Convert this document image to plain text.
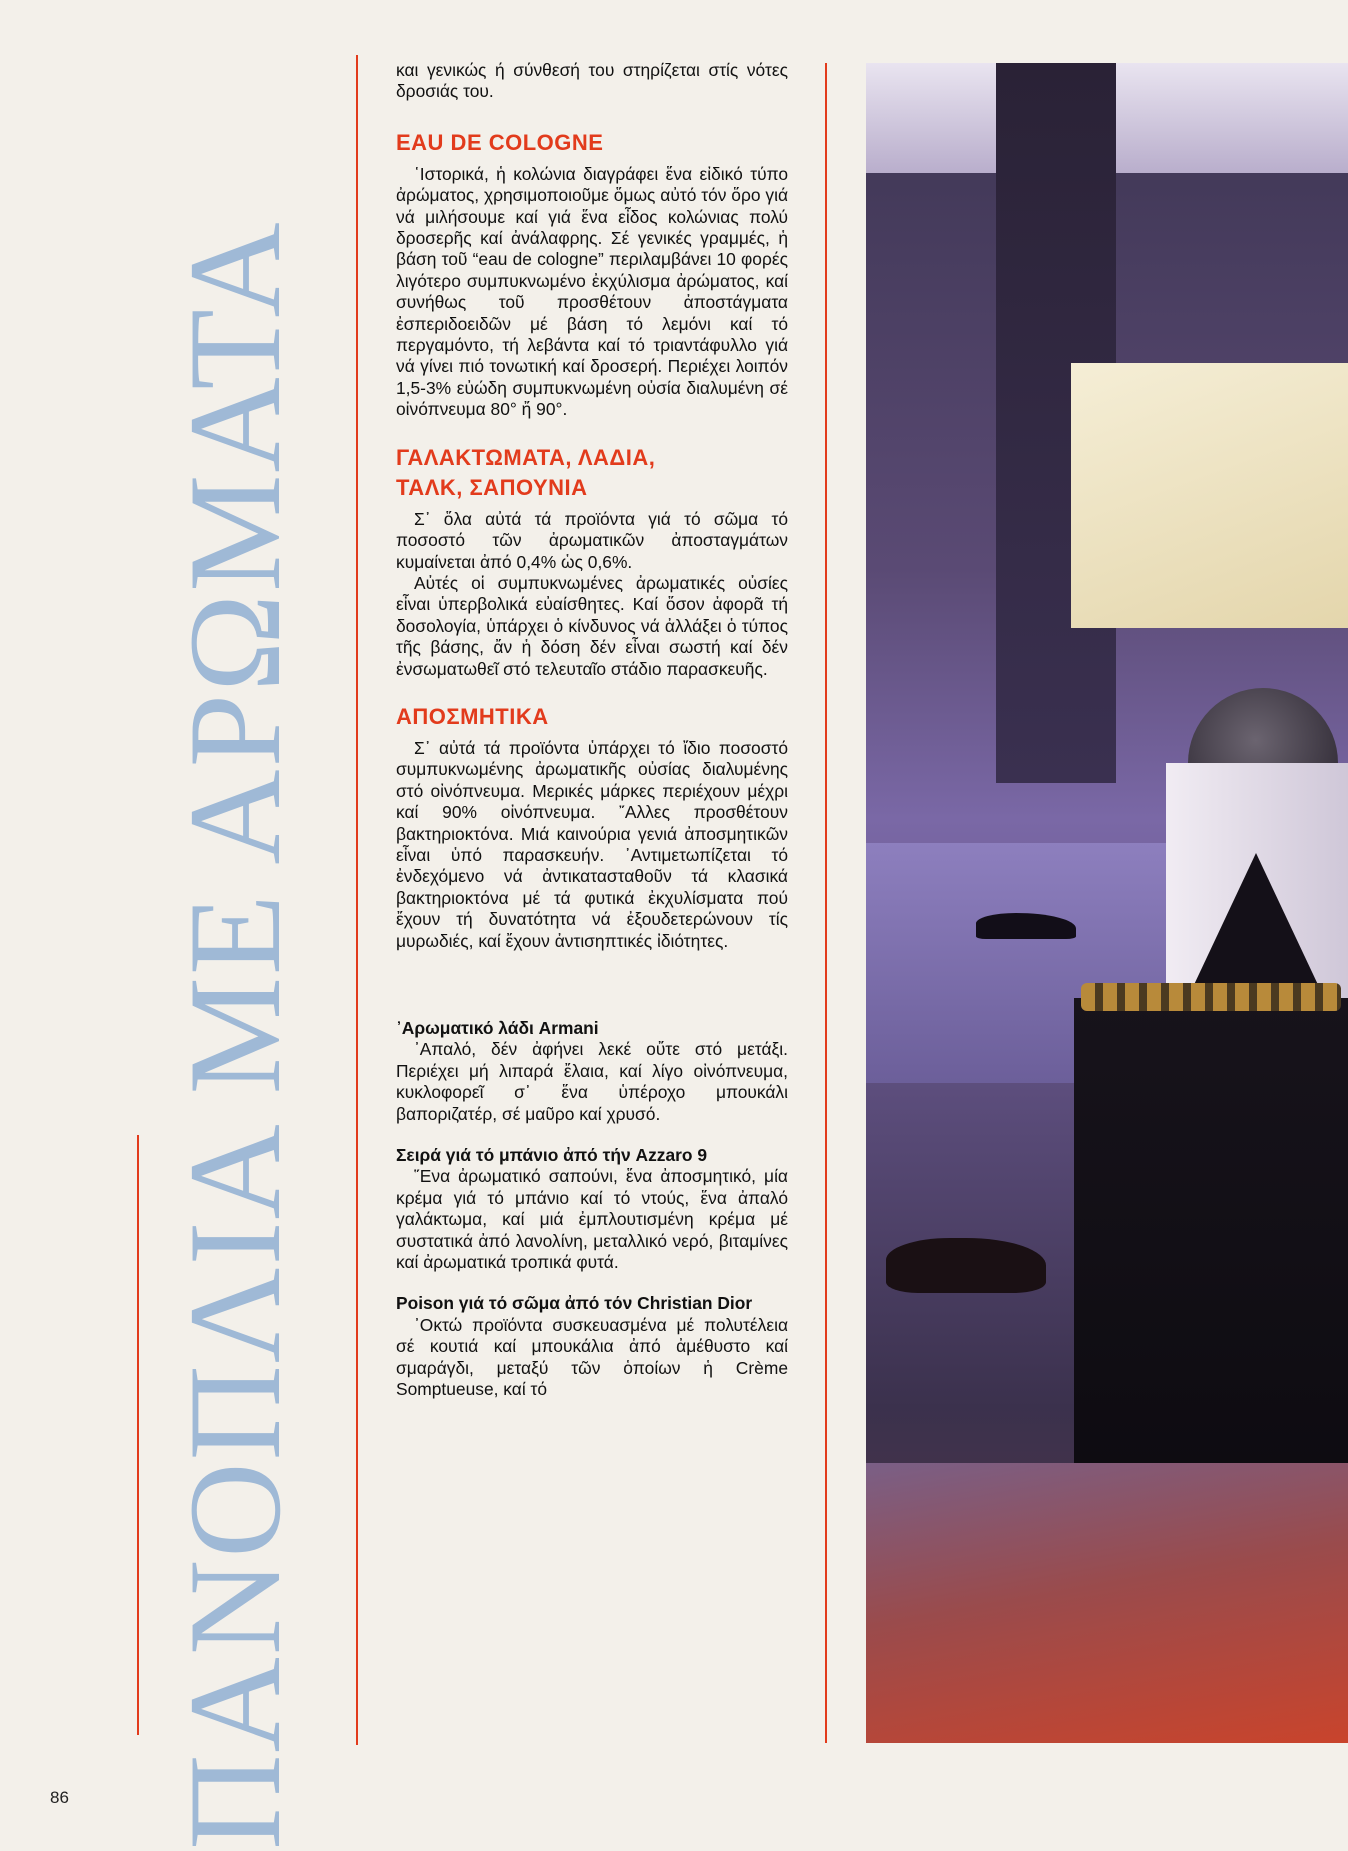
ΠΑΝΟΠΛΙΑ ΜΕ ΑΡΩΜΑΤΑ

και γενικώς ή σύνθεσή του στηρίζεται στίς νότες δροσιάς του.

EAU DE COLOGNE

῾Ιστορικά, ἡ κολώνια διαγράφει ἕνα εἰδικό τύπο ἀρώματος, χρησιμοποιοῦμε ὅμως αὐτό τόν ὅρο γιά νά μιλήσουμε καί γιά ἕνα εἶδος κολώνιας πολύ δροσερῆς καί ἀνάλαφρης. Σέ γενικές γραμμές, ἡ βάση τοῦ “eau de cologne” περιλαμβάνει 10 φορές λιγότερο συμπυκνωμένο ἐκχύλισμα ἀρώματος, καί συνήθως τοῦ προσθέτουν ἀποστάγματα ἐσπεριδοειδῶν μέ βάση τό λεμόνι καί τό περγαμόντο, τή λεβάντα καί τό τριαντάφυλλο γιά νά γίνει πιό τονωτική καί δροσερή. Περιέχει λοιπόν 1,5-3% εὐώδη συμπυκνωμένη οὐσία διαλυμένη σέ οἰνόπνευμα 80° ἤ 90°.

ΓΑΛΑΚΤΩΜΑΤΑ, ΛΑΔΙΑ,
ΤΑΛΚ, ΣΑΠΟΥΝΙΑ

Σ᾿ ὅλα αὐτά τά προϊόντα γιά τό σῶμα τό ποσοστό τῶν ἀρωματικῶν ἀποσταγμάτων κυμαίνεται ἀπό 0,4% ὡς 0,6%.

Αὐτές οἱ συμπυκνωμένες ἀρωματικές οὐσίες εἶναι ὑπερβολικά εὐαίσθητες. Καί ὅσον ἀφορᾶ τή δοσολογία, ὑπάρχει ὁ κίνδυνος νά ἀλλάξει ὁ τύπος τῆς βάσης, ἄν ἡ δόση δέν εἶναι σωστή καί δέν ἐνσωματωθεῖ στό τελευταῖο στάδιο παρασκευῆς.

ΑΠΟΣΜΗΤΙΚΑ

Σ᾿ αὐτά τά προϊόντα ὑπάρχει τό ἴδιο ποσοστό συμπυκνωμένης ἀρωματικῆς οὐσίας διαλυμένης στό οἰνόπνευμα. Μερικές μάρκες περιέχουν μέχρι καί 90% οἰνόπνευμα. ῎Αλλες προσθέτουν βακτηριοκτόνα. Μιά καινούρια γενιά ἀποσμητικῶν εἶναι ὑπό παρασκευήν. ᾿Αντιμετωπίζεται τό ἐνδεχόμενο νά ἀντικατασταθοῦν τά κλασικά βακτηριοκτόνα μέ τά φυτικά ἐκχυλίσματα πού ἔχουν τή δυνατότητα νά ἐξουδετερώνουν τίς μυρωδιές, καί ἔχουν ἀντισηπτικές ἰδιότητες.

᾿Αρωματικό λάδι Armani

᾿Απαλό, δέν ἀφήνει λεκέ οὔτε στό μετάξι. Περιέχει μή λιπαρά ἔλαια, καί λίγο οἰνόπνευμα, κυκλοφορεῖ σ᾿ ἕνα ὑπέροχο μπουκάλι βαποριζατέρ, σέ μαῦρο καί χρυσό.

Σειρά γιά τό μπάνιο ἀπό τήν Azzaro 9

῞Ενα ἀρωματικό σαπούνι, ἕνα ἀποσμητικό, μία κρέμα γιά τό μπάνιο καί τό ντούς, ἕνα ἀπαλό γαλάκτωμα, καί μιά ἐμπλουτισμένη κρέμα μέ συστατικά ἀπό λανολίνη, μεταλλικό νερό, βιταμίνες καί ἀρωματικά τροπικά φυτά.

Poison γιά τό σῶμα ἀπό τόν Christian Dior

᾿Οκτώ προϊόντα συσκευασμένα μέ πολυτέλεια σέ κουτιά καί μπουκάλια ἀπό ἀμέθυστο καί σμαράγδι, μεταξύ τῶν ὁποίων ἡ Crème Somptueuse, καί τό

86
